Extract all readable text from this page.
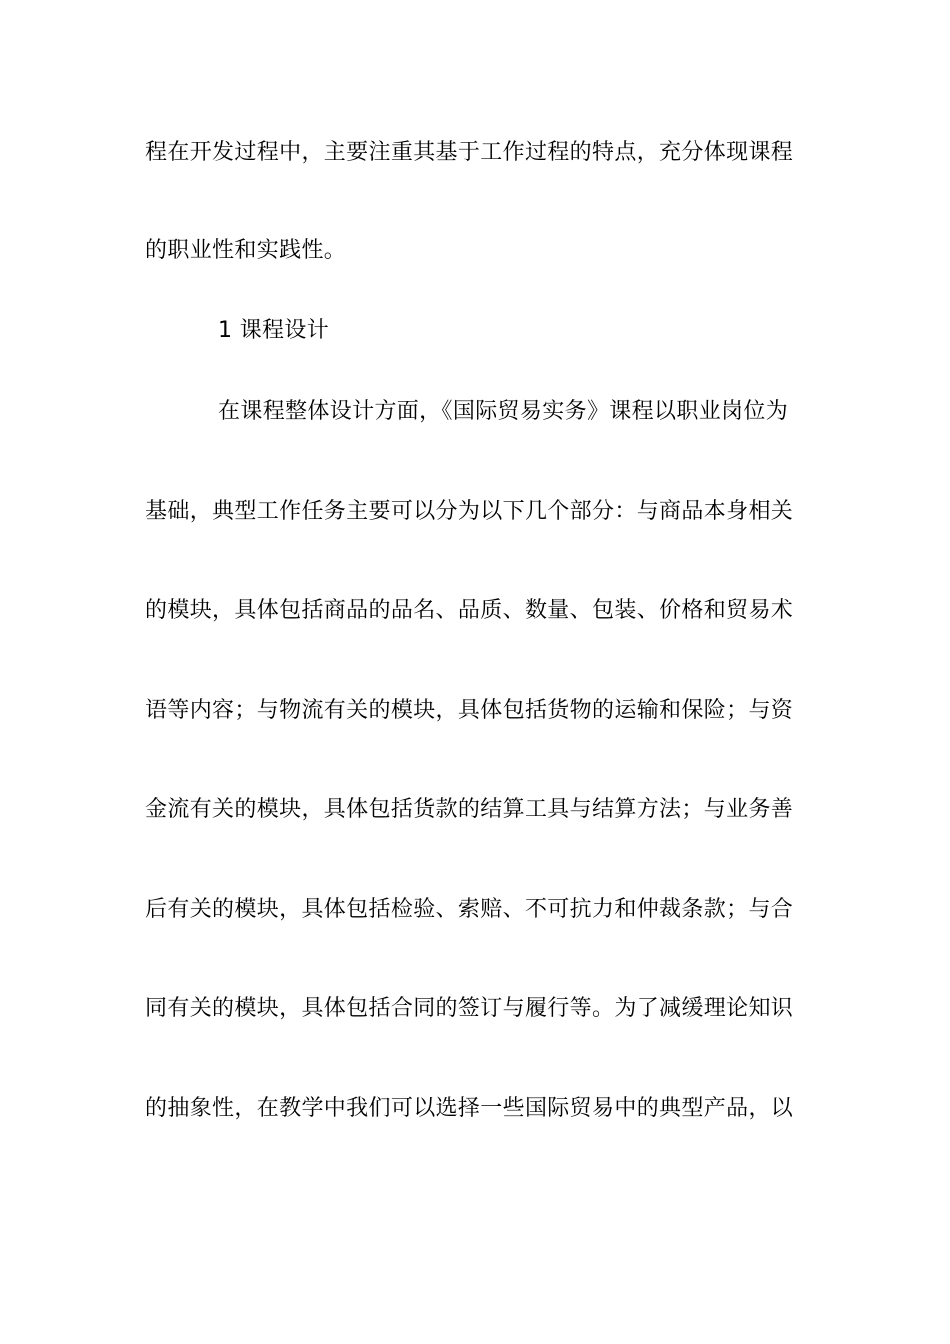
程在开发过程中，主要注重其基于工作过程的特点，充分体现课程
的职业性和实践性。
1 课程设计
在课程整体设计方面，《国际贸易实务》课程以职业岗位为
基础，典型工作任务主要可以分为以下几个部分：与商品本身相关
的模块，具体包括商品的品名、品质、数量、包装、价格和贸易术
语等内容；与物流有关的模块，具体包括货物的运输和保险；与资
金流有关的模块，具体包括货款的结算工具与结算方法；与业务善
后有关的模块，具体包括检验、索赔、不可抗力和仲裁条款；与合
同有关的模块，具体包括合同的签订与履行等。为了减缓理论知识
的抽象性，在教学中我们可以选择一些国际贸易中的典型产品，以
